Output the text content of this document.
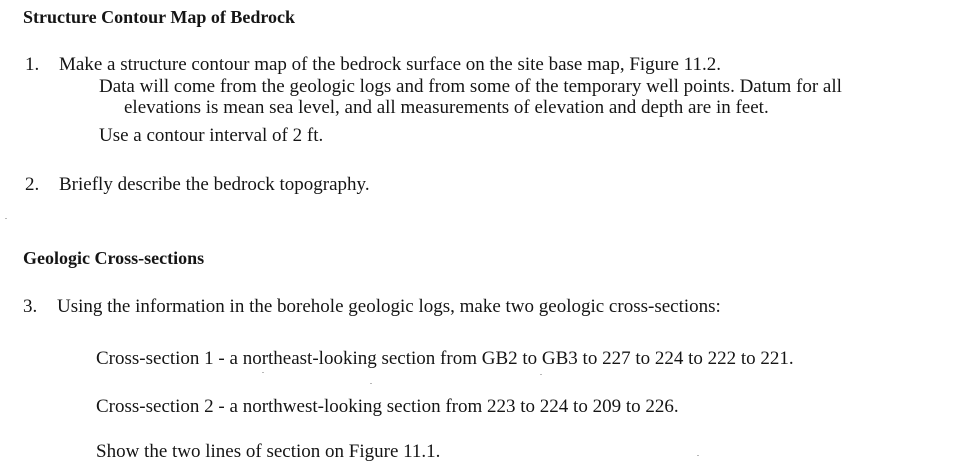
Structure Contour Map of Bedrock
1. Make a structure contour map of the bedrock surface on the site base map, Figure 11.2.
Data will come from the geologic logs and from some of the temporary well points. Datum for all
elevations is mean sea level, and all measurements of elevation and depth are in feet.
Use a contour interval of 2 ft.
2. Briefly describe the bedrock topography.
Geologic Cross-sections
3. Using the information in the borehole geologic logs, make two geologic cross-sections:
Cross-section 1 - a northeast-looking section from GB2 to GB3 to 227 to 224 to 222 to 221.
Cross-section 2 - a northwest-looking section from 223 to 224 to 209 to 226.
Show the two lines of section on Figure 11.1.
